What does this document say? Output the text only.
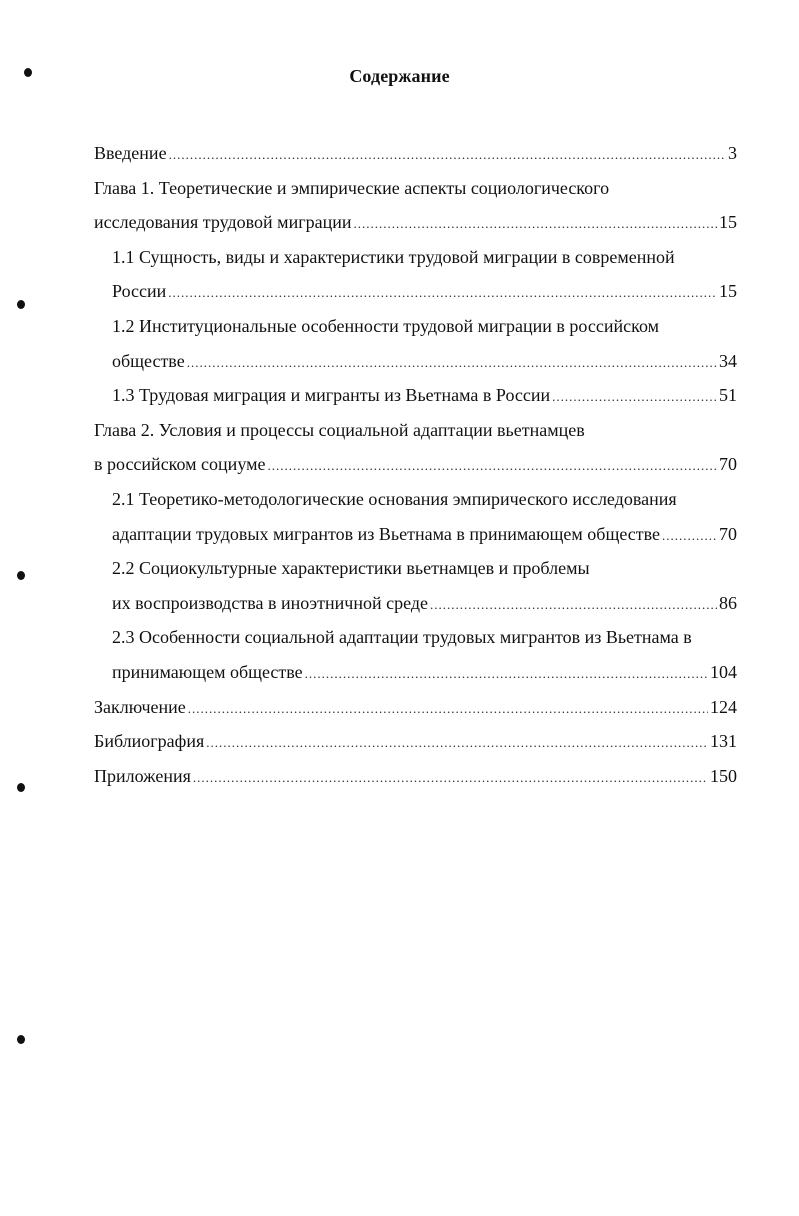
Содержание
Введение .....	3
Глава 1. Теоретические и эмпирические аспекты социологического
исследования трудовой миграции .....	15
1.1 Сущность, виды и характеристики трудовой миграции в современной
России .....	15
1.2 Институциональные особенности трудовой миграции в российском
обществе .....	34
1.3 Трудовая миграция и мигранты из Вьетнама в России .....	51
Глава 2. Условия и процессы социальной адаптации вьетнамцев
в российском социуме .....	70
2.1 Теоретико-методологические основания эмпирического исследования
адаптации трудовых мигрантов из Вьетнама в принимающем обществе .....	70
2.2 Социокультурные характеристики вьетнамцев и проблемы
их воспроизводства в иноэтничной среде .....	86
2.3 Особенности социальной адаптации трудовых мигрантов из Вьетнама в
принимающем обществе .....	104
Заключение .....	124
Библиография .....	131
Приложения .....	150
